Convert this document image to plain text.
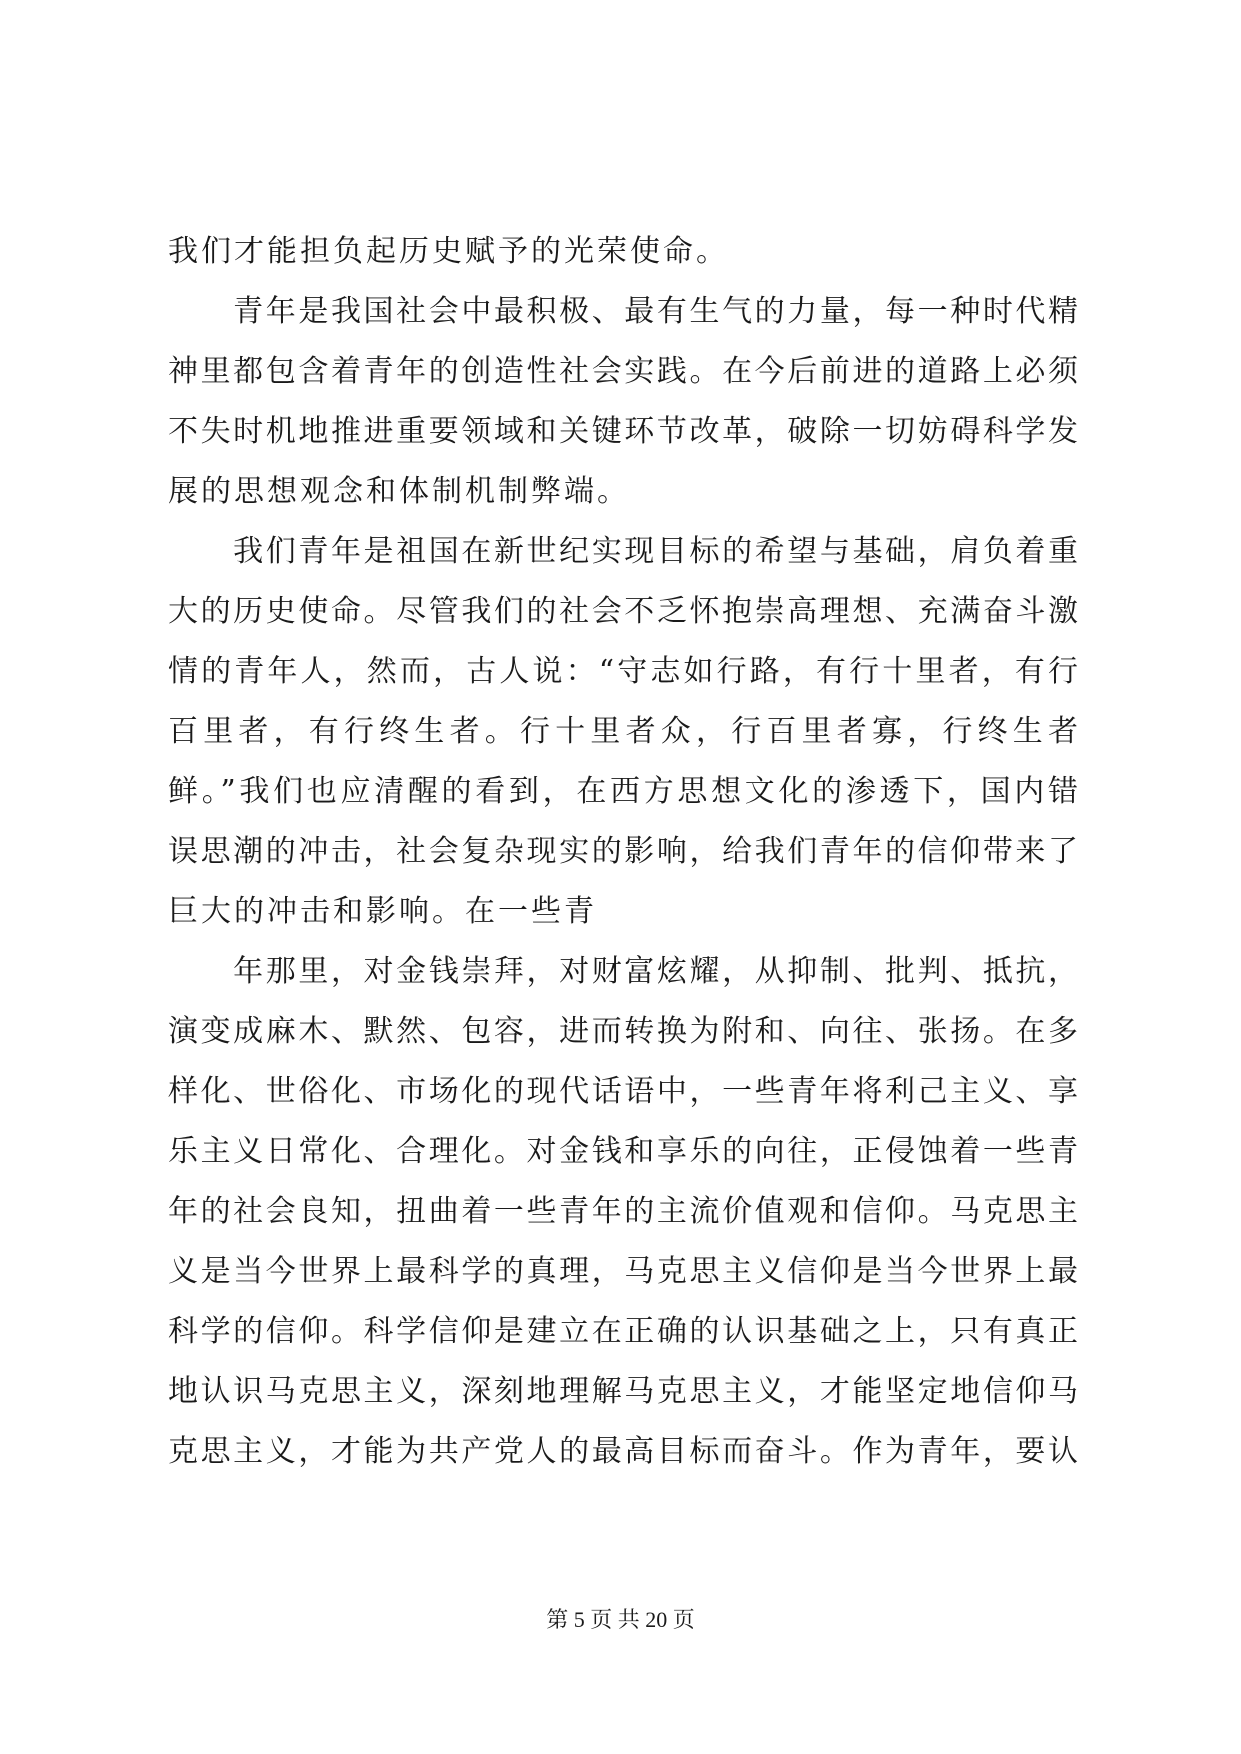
我们才能担负起历史赋予的光荣使命。
　　青年是我国社会中最积极、最有生气的力量，每一种时代精
神里都包含着青年的创造性社会实践。在今后前进的道路上必须
不失时机地推进重要领域和关键环节改革，破除一切妨碍科学发
展的思想观念和体制机制弊端。
　　我们青年是祖国在新世纪实现目标的希望与基础，肩负着重
大的历史使命。尽管我们的社会不乏怀抱崇高理想、充满奋斗激
情的青年人，然而，古人说：“守志如行路，有行十里者，有行
百里者，有行终生者。行十里者众，行百里者寡，行终生者
鲜。”我们也应清醒的看到，在西方思想文化的渗透下，国内错
误思潮的冲击，社会复杂现实的影响，给我们青年的信仰带来了
巨大的冲击和影响。在一些青
　　年那里，对金钱崇拜，对财富炫耀，从抑制、批判、抵抗，
演变成麻木、默然、包容，进而转换为附和、向往、张扬。在多
样化、世俗化、市场化的现代话语中，一些青年将利己主义、享
乐主义日常化、合理化。对金钱和享乐的向往，正侵蚀着一些青
年的社会良知，扭曲着一些青年的主流价值观和信仰。马克思主
义是当今世界上最科学的真理，马克思主义信仰是当今世界上最
科学的信仰。科学信仰是建立在正确的认识基础之上，只有真正
地认识马克思主义，深刻地理解马克思主义，才能坚定地信仰马
克思主义，才能为共产党人的最高目标而奋斗。作为青年，要认
第 5 页 共 20 页
